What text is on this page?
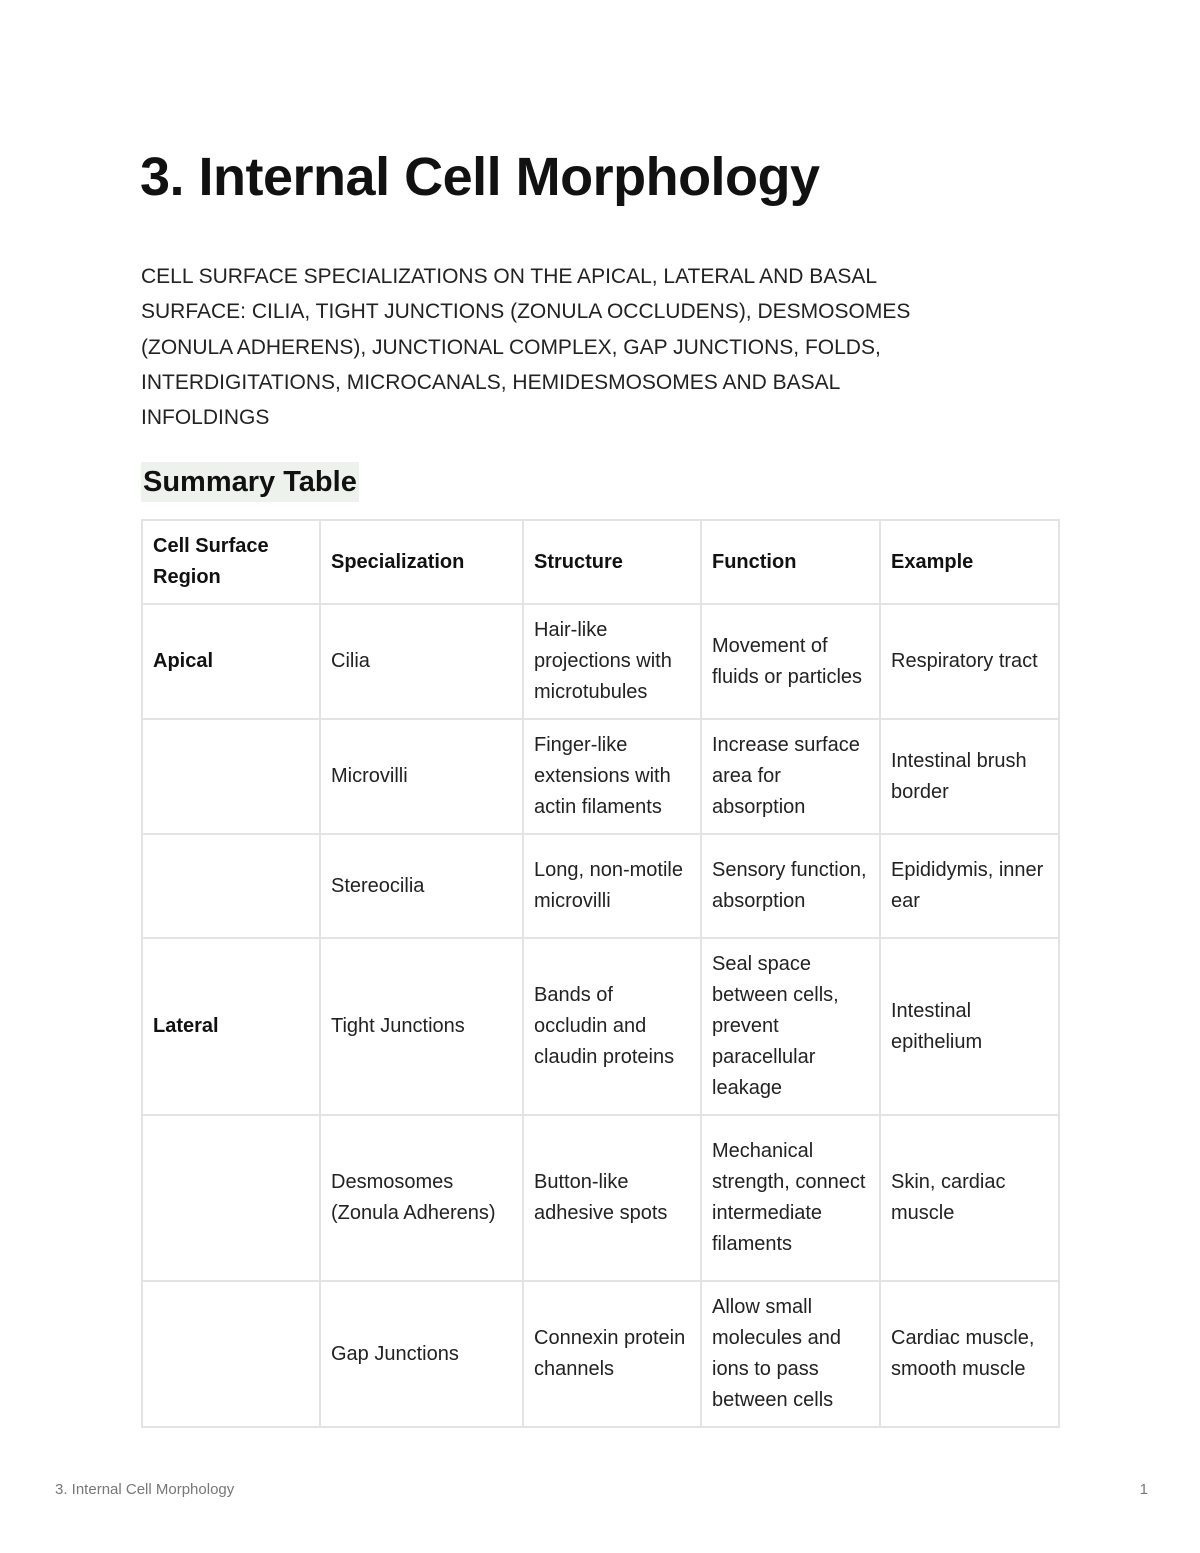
3. Internal Cell Morphology

CELL SURFACE SPECIALIZATIONS ON THE APICAL, LATERAL AND BASAL SURFACE: CILIA, TIGHT JUNCTIONS (ZONULA OCCLUDENS), DESMOSOMES (ZONULA ADHERENS), JUNCTIONAL COMPLEX, GAP JUNCTIONS, FOLDS, INTERDIGITATIONS, MICROCANALS, HEMIDESMOSOMES AND BASAL INFOLDINGS

Summary Table
Cell Surface Region	Specialization	Structure	Function	Example
Apical	Cilia	Hair-like projections with microtubules	Movement of fluids or particles	Respiratory tract
	Microvilli	Finger-like extensions with actin filaments	Increase surface area for absorption	Intestinal brush border
	Stereocilia	Long, non-motile microvilli	Sensory function, absorption	Epididymis, inner ear
Lateral	Tight Junctions	Bands of occludin and claudin proteins	Seal space between cells, prevent paracellular leakage	Intestinal epithelium
	Desmosomes (Zonula Adherens)	Button-like adhesive spots	Mechanical strength, connect intermediate filaments	Skin, cardiac muscle
	Gap Junctions	Connexin protein channels	Allow small molecules and ions to pass between cells	Cardiac muscle, smooth muscle
3. Internal Cell Morphology	1
